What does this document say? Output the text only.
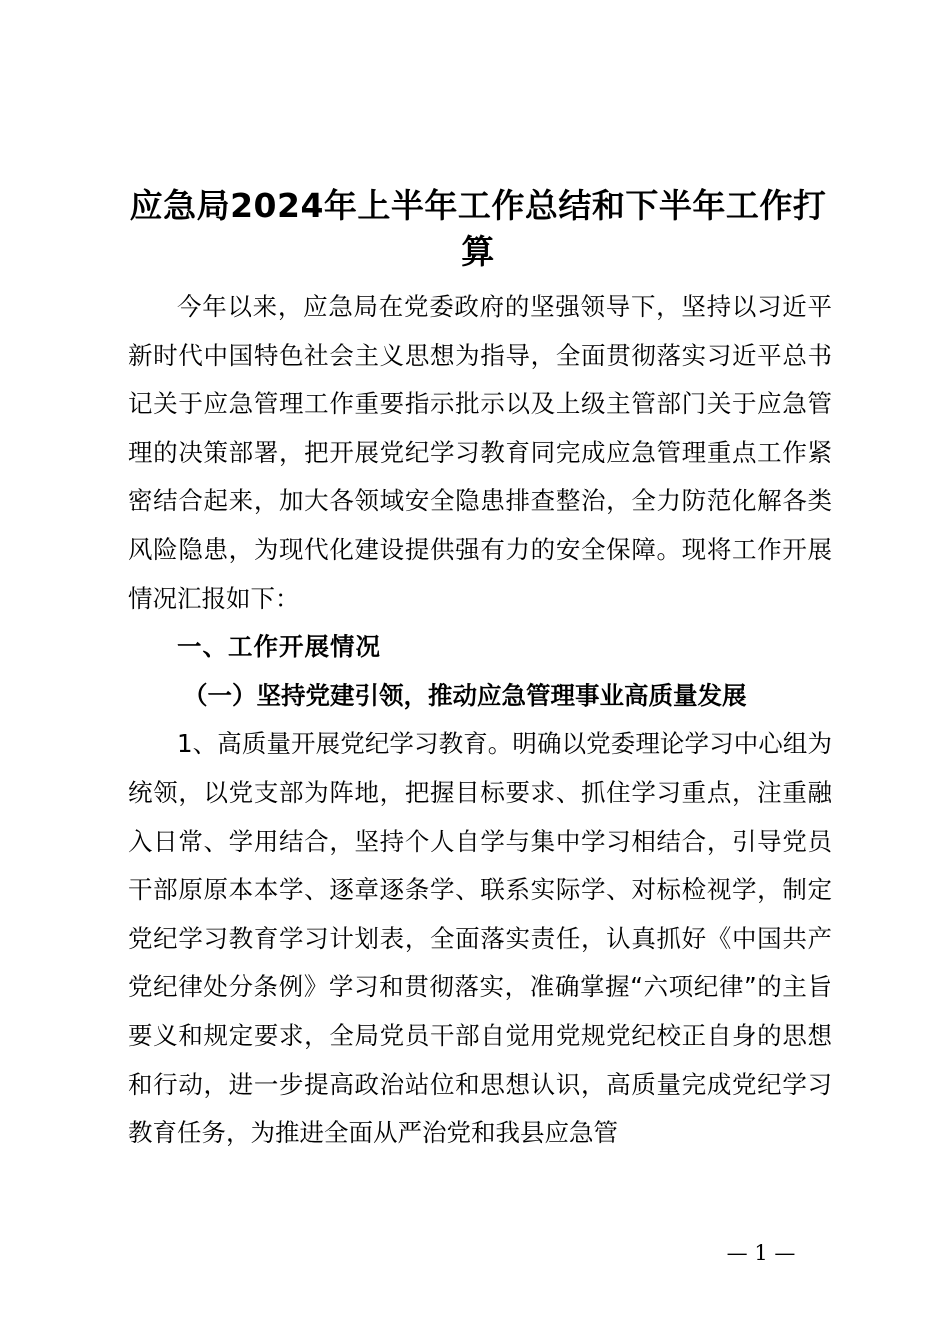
应急局2024年上半年工作总结和下半年工作打算

今年以来，应急局在党委政府的坚强领导下，坚持以习近平新时代中国特色社会主义思想为指导，全面贯彻落实习近平总书记关于应急管理工作重要指示批示以及上级主管部门关于应急管理的决策部署，把开展党纪学习教育同完成应急管理重点工作紧密结合起来，加大各领域安全隐患排查整治，全力防范化解各类风险隐患，为现代化建设提供强有力的安全保障。现将工作开展情况汇报如下：

一、工作开展情况

（一）坚持党建引领，推动应急管理事业高质量发展

1、高质量开展党纪学习教育。明确以党委理论学习中心组为统领，以党支部为阵地，把握目标要求、抓住学习重点，注重融入日常、学用结合，坚持个人自学与集中学习相结合，引导党员干部原原本本学、逐章逐条学、联系实际学、对标检视学，制定党纪学习教育学习计划表，全面落实责任，认真抓好《中国共产党纪律处分条例》学习和贯彻落实，准确掌握“六项纪律”的主旨要义和规定要求，全局党员干部自觉用党规党纪校正自身的思想和行动，进一步提高政治站位和思想认识，高质量完成党纪学习教育任务，为推进全面从严治党和我县应急管

— 1 —
